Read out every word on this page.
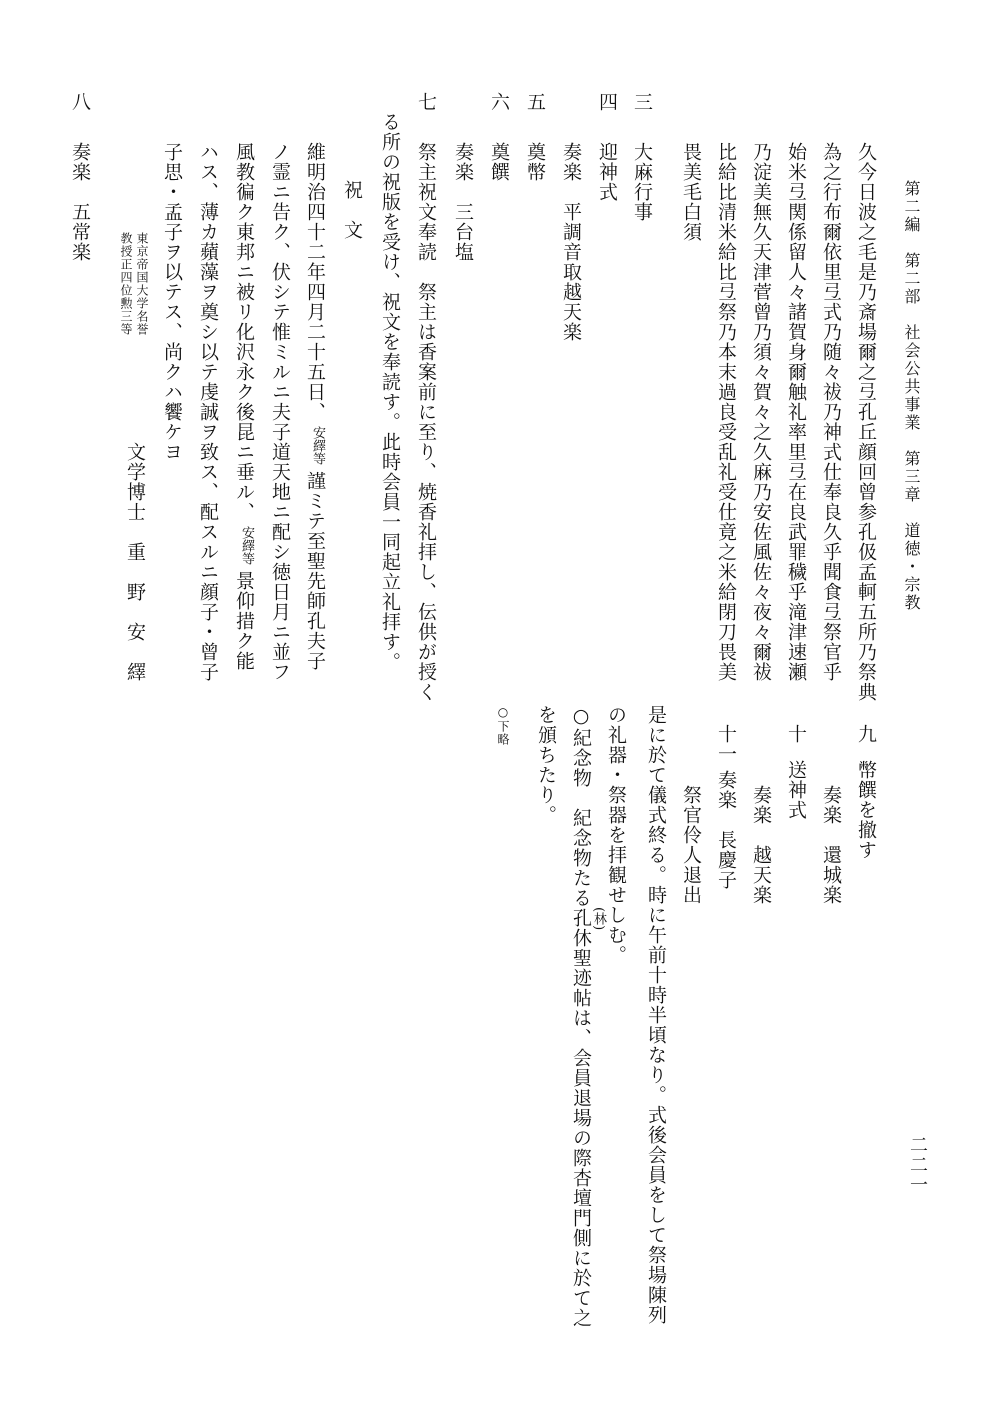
第二編　第二部　社会公共事業　第三章　道徳・宗教
二二一
久今日波之毛是乃斎場爾之弖孔丘顔回曾参孔伋孟軻五所乃祭典
為之行布爾依里弖式乃随々祓乃神式仕奉良久乎聞食弖祭官乎
始米弖関係留人々諸賀身爾触礼率里弖在良武罪穢乎滝津速瀬
乃淀美無久天津菅曾乃須々賀々之久麻乃安佐風佐々夜々爾祓
比給比清米給比弖祭乃本末過良受乱礼受仕竟之米給閉刀畏美
畏美毛白須
三
大麻行事
四
迎神式
奏楽　平調音取越天楽
五
奠幣
六
奠饌
奏楽　三台塩
七
祭主祝文奉読　祭主は香案前に至り、焼香礼拝し、伝供が授く
る所の祝版を受け、祝文を奉読す。此時会員一同起立礼拝す。
祝　文
維明治四十二年四月二十五日、
安繹等
謹ミテ至聖先師孔夫子
ノ霊ニ告ク、伏シテ惟ミルニ夫子道天地ニ配シ徳日月ニ並フ
風教徧ク東邦ニ被リ化沢永ク後昆ニ垂ル、
安繹等
景仰措ク能
ハス、薄カ蘋藻ヲ奠シ以テ虔誠ヲ致ス、配スルニ顔子・曾子
子思・孟子ヲ以テス、尚クハ饗ケヨ
東京帝国大学名誉
教授正四位勲三等
文学博士
重　野　安　繹
八
奏楽　五常楽
九
幣饌を撤す
奏楽　還城楽
十
送神式
奏楽　越天楽
十一
奏楽　長慶子
祭官伶人退出
是に於て儀式終る。時に午前十時半頃なり。式後会員をして祭場陳列
の礼器・祭器を拝観せしむ。
(林)
○紀念物　紀念物たる孔休聖迹帖は、会員退場の際杏壇門側に於て之
を頒ちたり。
○下略
